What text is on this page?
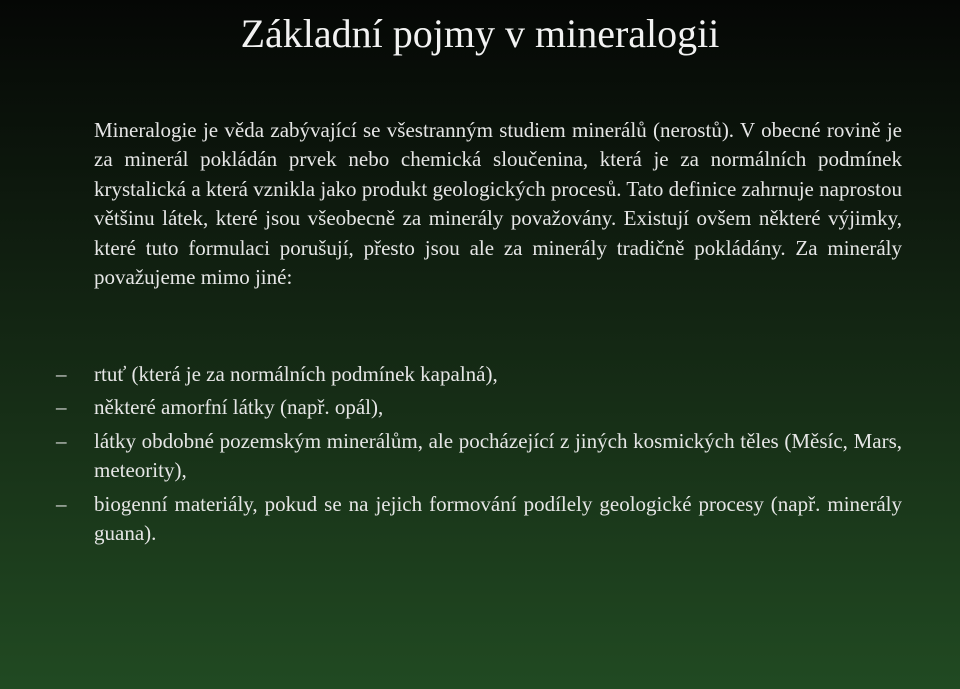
Základní pojmy v mineralogii

Mineralogie je věda zabývající se všestranným studiem minerálů (nerostů). V obecné rovině je za minerál pokládán prvek nebo chemická sloučenina, která je za normálních podmínek krystalická a která vznikla jako produkt geologických procesů. Tato definice zahrnuje naprostou většinu látek, které jsou všeobecně za minerály považovány. Existují ovšem některé výjimky, které tuto formulaci porušují, přesto jsou ale za minerály tradičně pokládány. Za minerály považujeme mimo jiné:

– rtuť (která je za normálních podmínek kapalná),
– některé amorfní látky (např. opál),
– látky obdobné pozemským minerálům, ale pocházející z jiných kosmických těles (Měsíc, Mars, meteority),
– biogenní materiály, pokud se na jejich formování podílely geologické procesy (např. minerály guana).
